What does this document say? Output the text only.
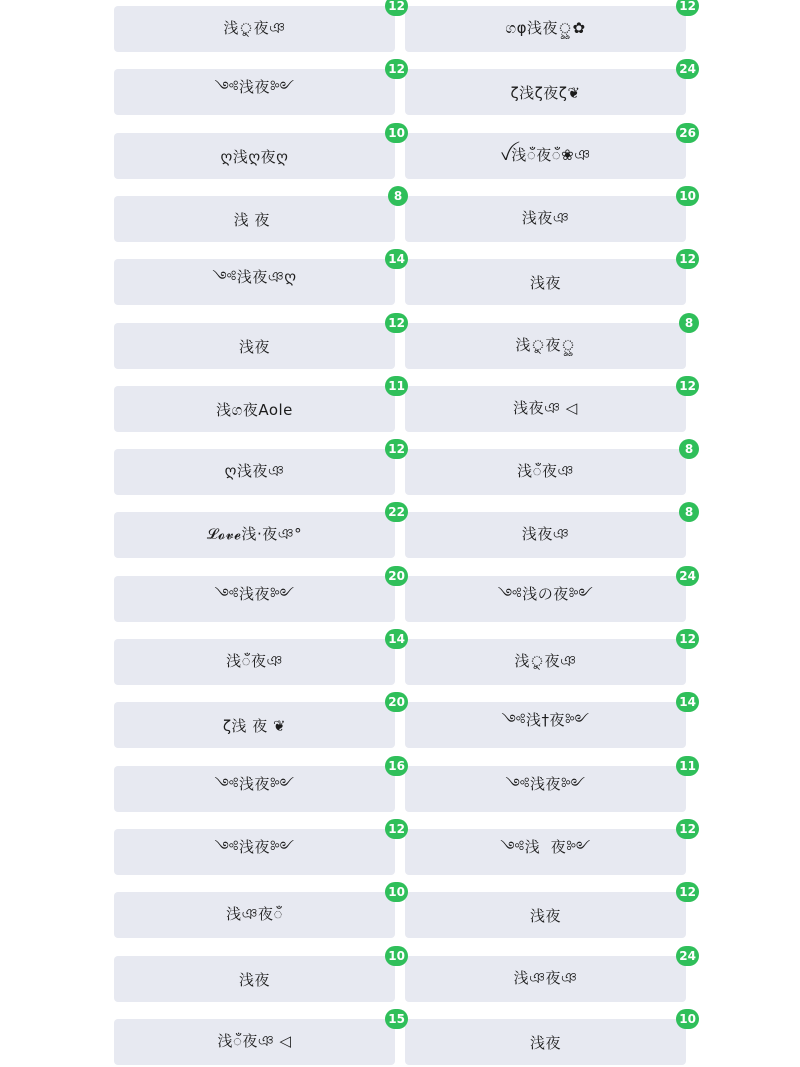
浅ু夜ঞ
12
ගφ浅夜ৣ✿
12
༺浅夜༻
12
ζ︎浅ζ︎夜ζ︎❦
24
ღ浅ღ夜ღ
10
ꪜ浅ँ夜ँ❀ঞ
26
浅 ︎夜 ︎
8
浅夜ঞ
10
༺浅夜ঞღ
14
浅夜
12
浅夜
12
浅ু夜ৣ
8
浅ග夜Aole
11
浅夜ঞ ◁
12
ღ浅夜ঞ
12
浅ँ夜ঞ
8
𝓛𝓸𝓿𝓮浅·夜ঞ°
22
浅夜ঞ
8
༺浅夜༻
20
༺浅の夜༻
24
浅ँ夜ঞ
14
浅ু夜ঞ
12
ζ︎浅 ︎夜 ︎❦
20
༺浅†夜༻
14
༺浅夜༻
16
༺浅夜༻
11
༺浅夜༻
12
༺浅 ︎ ︎夜༻
12
浅ঞ夜ँ
10
浅夜
12
浅夜
10
浅ঞ夜ঞ
24
浅ँ夜ঞ ◁
15
浅夜
10
